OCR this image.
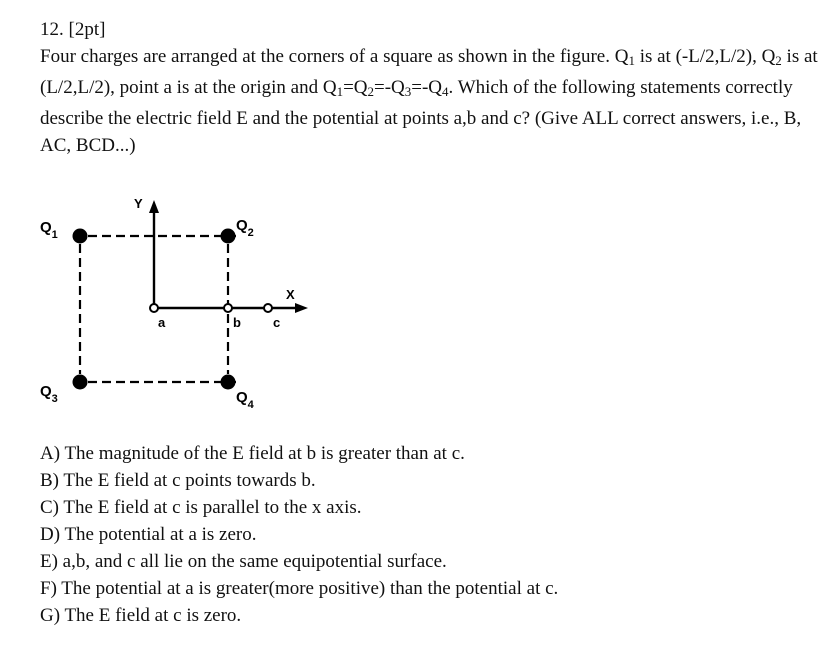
12. [2pt]
Four charges are arranged at the corners of a square as shown in the figure. $Q_1$ is at (-L/2,L/2), $Q_2$ is at (L/2,L/2), point a is at the origin and $Q_1=Q_2=-Q_3=-Q_4$. Which of the following statements correctly describe the electric field E and the potential at points a,b and c? (Give ALL correct answers, i.e., B, AC, BCD...)
Y
X
$Q_1$
$Q_2$
$Q_3$	$Q_4$
a	b c
A) The magnitude of the E field at b is greater than at c.
B) The E field at c points towards b.
C) The E field at c is parallel to the x axis.
D) The potential at a is zero.
E) a,b, and c all lie on the same equipotential surface.
F) The potential at a is greater(more positive) than the potential at c.
G) The E field at c is zero.
